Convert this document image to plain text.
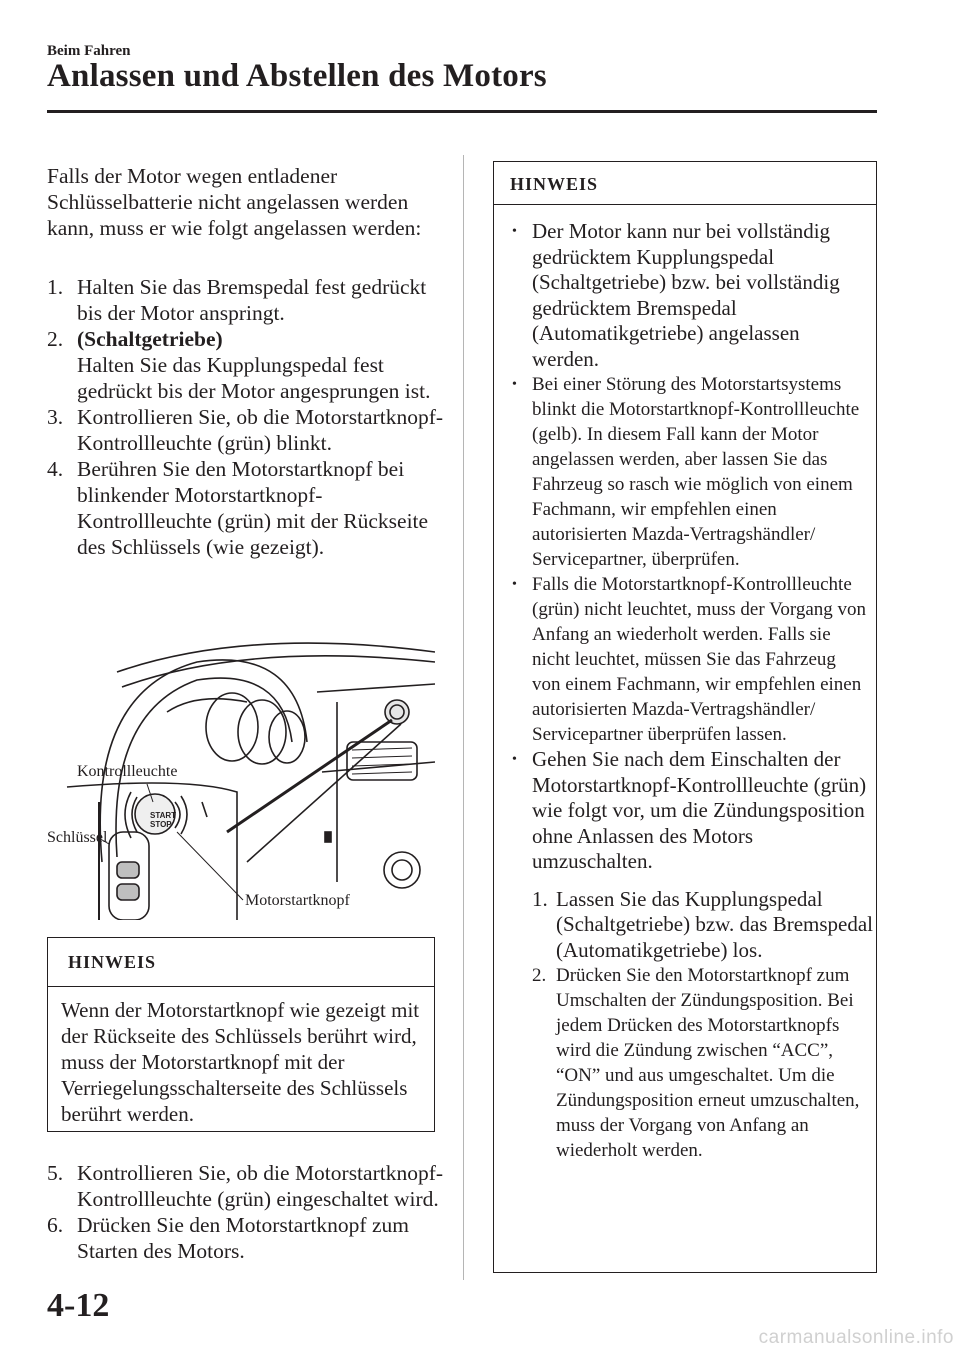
Beim Fahren
Anlassen und Abstellen des Motors
Falls der Motor wegen entladener Schlüsselbatterie nicht angelassen werden kann, muss er wie folgt angelassen werden:
1. Halten Sie das Bremspedal fest gedrückt bis der Motor anspringt.
2. (Schaltgetriebe)
Halten Sie das Kupplungspedal fest gedrückt bis der Motor angesprungen ist.
3. Kontrollieren Sie, ob die Motorstartknopf-Kontrollleuchte (grün) blinkt.
4. Berühren Sie den Motorstartknopf bei blinkender Motorstartknopf-Kontrollleuchte (grün) mit der Rückseite des Schlüssels (wie gezeigt).
START
STOP
Kontrollleuchte
Schlüssel
Motorstartknopf
HINWEIS
Wenn der Motorstartknopf wie gezeigt mit der Rückseite des Schlüssels berührt wird, muss der Motorstartknopf mit der Verriegelungsschalterseite des Schlüssels berührt werden.
5. Kontrollieren Sie, ob die Motorstartknopf-Kontrollleuchte (grün) eingeschaltet wird.
6. Drücken Sie den Motorstartknopf zum Starten des Motors.
HINWEIS
• Der Motor kann nur bei vollständig gedrücktem Kupplungspedal (Schaltgetriebe) bzw. bei vollständig gedrücktem Bremspedal (Automatikgetriebe) angelassen werden.
• Bei einer Störung des Motorstartsystems blinkt die Motorstartknopf-Kontrollleuchte (gelb). In diesem Fall kann der Motor angelassen werden, aber lassen Sie das Fahrzeug so rasch wie möglich von einem Fachmann, wir empfehlen einen autorisierten Mazda-Vertragshändler/ Servicepartner, überprüfen.
• Falls die Motorstartknopf-Kontrollleuchte (grün) nicht leuchtet, muss der Vorgang von Anfang an wiederholt werden. Falls sie nicht leuchtet, müssen Sie das Fahrzeug von einem Fachmann, wir empfehlen einen autorisierten Mazda-Vertragshändler/ Servicepartner überprüfen lassen.
• Gehen Sie nach dem Einschalten der Motorstartknopf-Kontrollleuchte (grün) wie folgt vor, um die Zündungsposition ohne Anlassen des Motors umzuschalten.
1. Lassen Sie das Kupplungspedal (Schaltgetriebe) bzw. das Bremspedal (Automatikgetriebe) los.
2. Drücken Sie den Motorstartknopf zum Umschalten der Zündungsposition. Bei jedem Drücken des Motorstartknopfs wird die Zündung zwischen “ACC”, “ON” und aus umgeschaltet. Um die Zündungsposition erneut umzuschalten, muss der Vorgang von Anfang an wiederholt werden.
4-12
carmanualsonline.info
